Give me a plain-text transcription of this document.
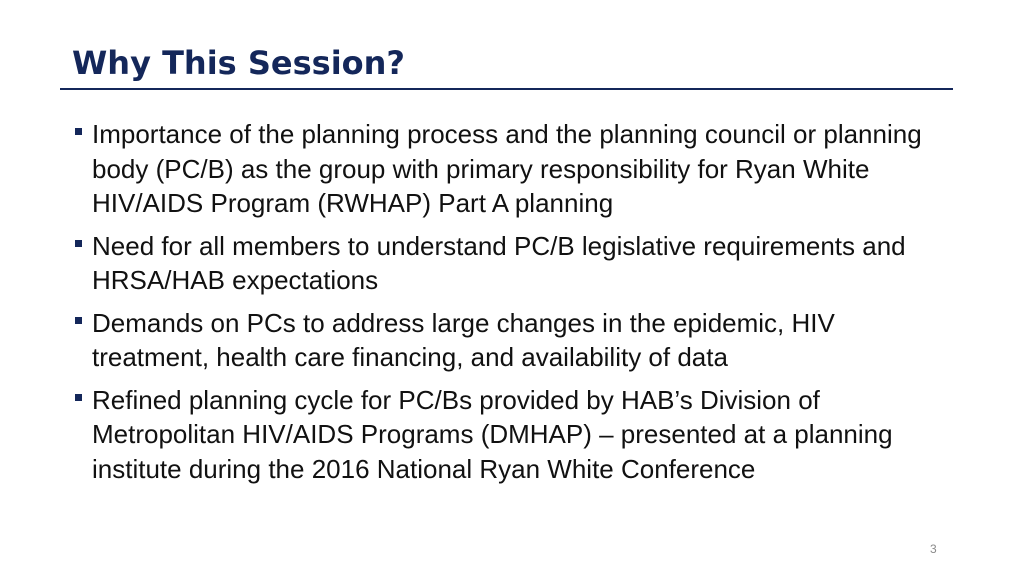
Why This Session?
Importance of the planning process and the planning council or planning body (PC/B) as the group with primary responsibility for Ryan White HIV/AIDS Program (RWHAP) Part A planning
Need for all members to understand PC/B legislative requirements and HRSA/HAB expectations
Demands on PCs to address large changes in the epidemic, HIV treatment, health care financing, and availability of data
Refined planning cycle for PC/Bs provided by HAB’s Division of Metropolitan HIV/AIDS Programs (DMHAP) – presented at a planning institute during the 2016 National Ryan White Conference
3
